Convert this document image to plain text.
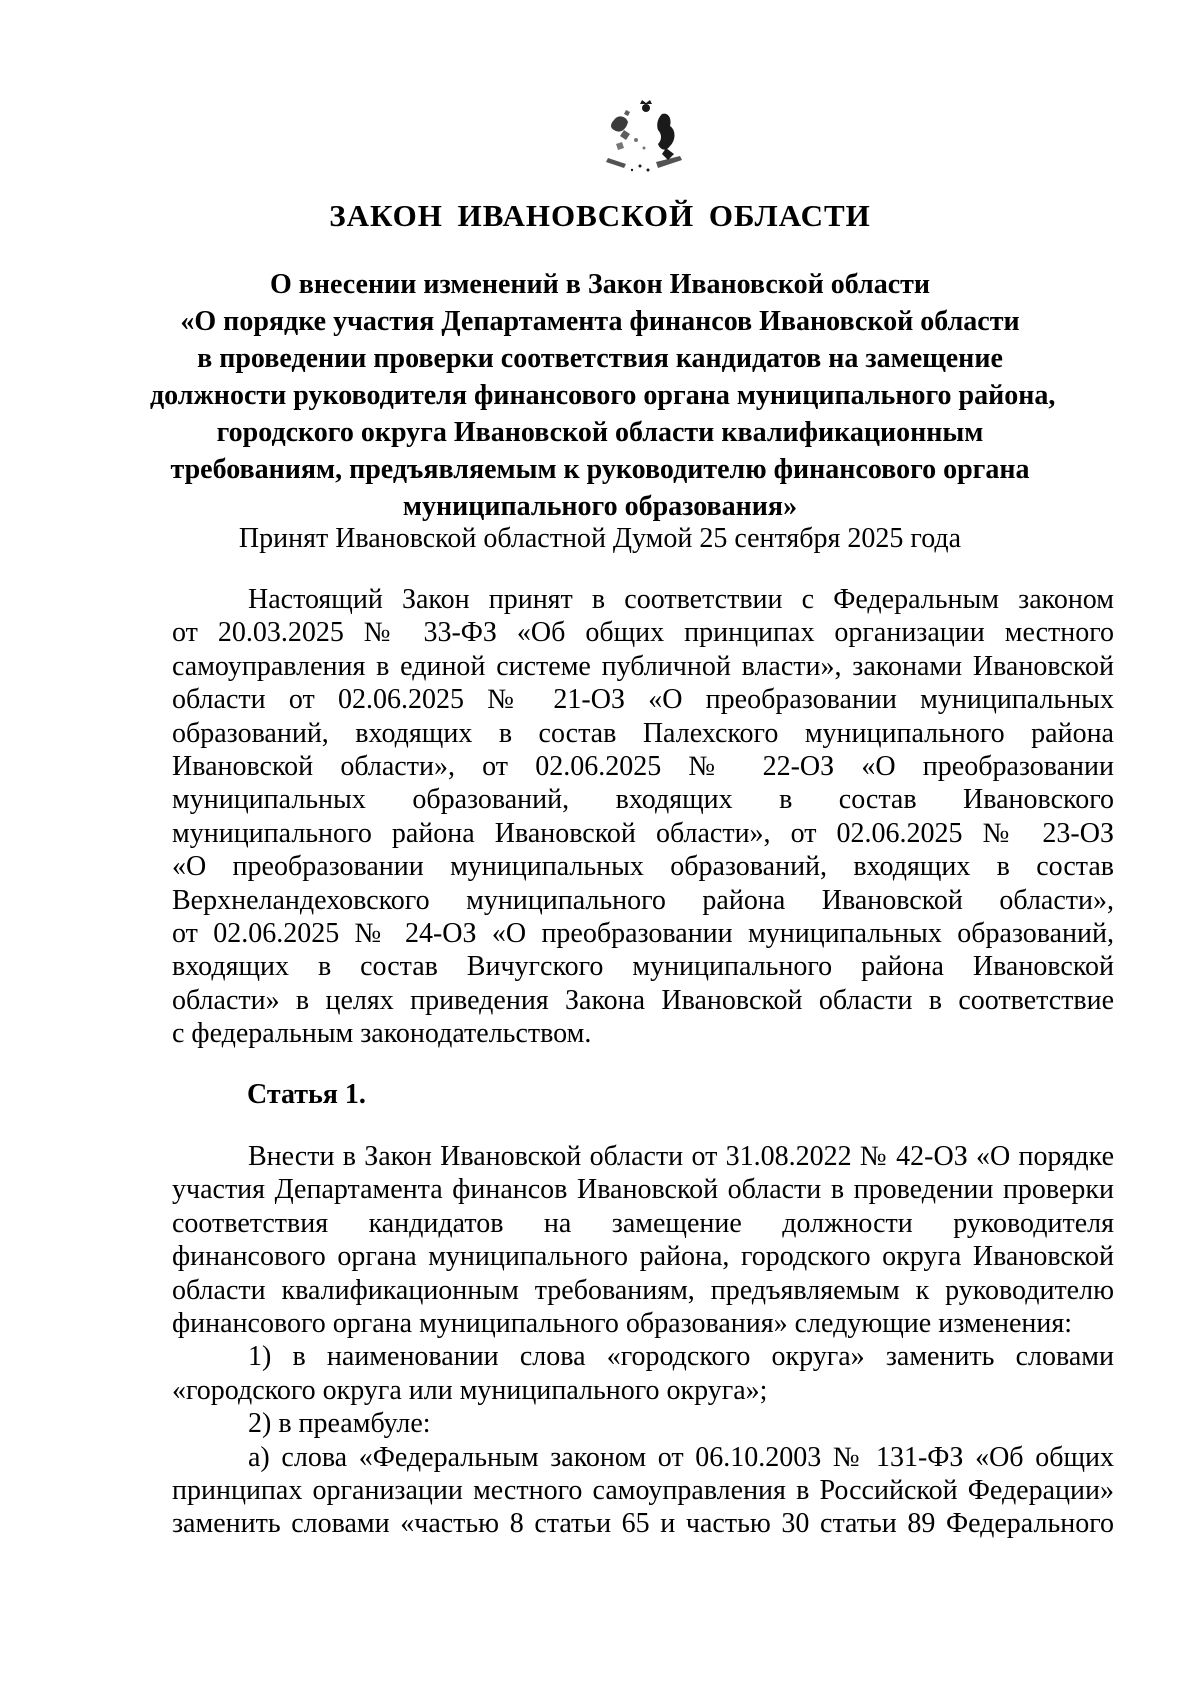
ЗАКОН ИВАНОВСКОЙ ОБЛАСТИ
О внесении изменений в Закон Ивановской области
«О порядке участия Департамента финансов Ивановской области
в проведении проверки соответствия кандидатов на замещение
должности руководителя финансового органа муниципального района,
городского округа Ивановской области квалификационным
требованиям, предъявляемым к руководителю финансового органа
муниципального образования»
Принят Ивановской областной Думой 25 сентября 2025 года
Настоящий Закон принят в соответствии с Федеральным законом
от 20.03.2025 № 33-ФЗ «Об общих принципах организации местного
самоуправления в единой системе публичной власти», законами Ивановской
области от 02.06.2025 № 21-ОЗ «О преобразовании муниципальных
образований, входящих в состав Палехского муниципального района
Ивановской области», от 02.06.2025 № 22-ОЗ «О преобразовании
муниципальных образований, входящих в состав Ивановского
муниципального района Ивановской области», от 02.06.2025 № 23-ОЗ
«О преобразовании муниципальных образований, входящих в состав
Верхнеландеховского муниципального района Ивановской области»,
от 02.06.2025 № 24-ОЗ «О преобразовании муниципальных образований,
входящих в состав Вичугского муниципального района Ивановской
области» в целях приведения Закона Ивановской области в соответствие
с федеральным законодательством.
Статья 1.
Внести в Закон Ивановской области от 31.08.2022 № 42-ОЗ «О порядке
участия Департамента финансов Ивановской области в проведении проверки
соответствия кандидатов на замещение должности руководителя
финансового органа муниципального района, городского округа Ивановской
области квалификационным требованиям, предъявляемым к руководителю
финансового органа муниципального образования» следующие изменения:
1) в наименовании слова «городского округа» заменить словами
«городского округа или муниципального округа»;
2) в преамбуле:
а) слова «Федеральным законом от 06.10.2003 № 131-ФЗ «Об общих
принципах организации местного самоуправления в Российской Федерации»
заменить словами «частью 8 статьи 65 и частью 30 статьи 89 Федерального
